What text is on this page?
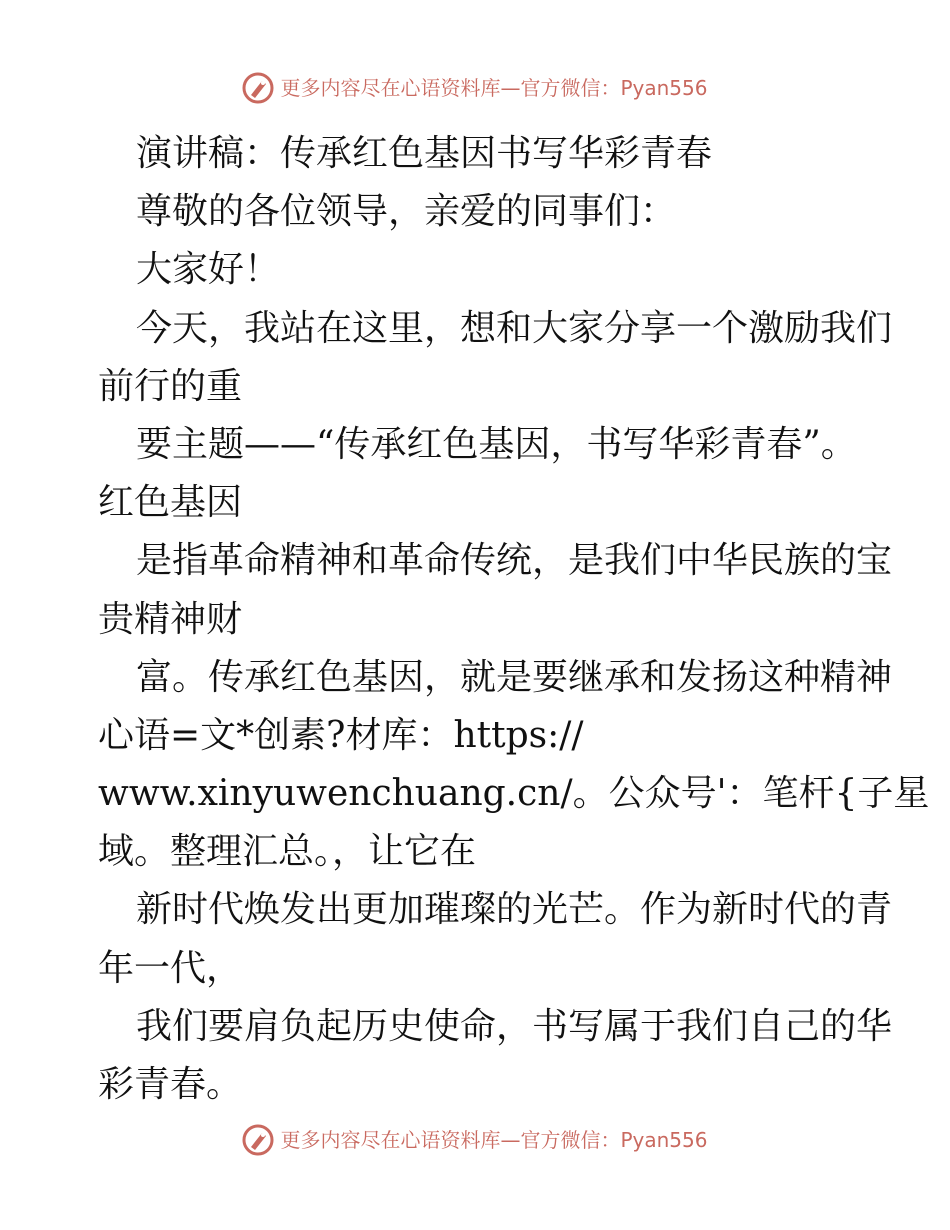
更多内容尽在心语资料库—官方微信：Pyan556
演讲稿：传承红色基因书写华彩青春
尊敬的各位领导，亲爱的同事们：
大家好！
今天，我站在这里，想和大家分享一个激励我们
前行的重
要主题——“传承红色基因，书写华彩青春”。
红色基因
是指革命精神和革命传统，是我们中华民族的宝
贵精神财
富。传承红色基因，就是要继承和发扬这种精神
心语=文*创素?材库：https://
www.xinyuwenchuang.cn/。公众号'：笔杆{子星
域。整理汇总。，让它在
新时代焕发出更加璀璨的光芒。作为新时代的青
年一代，
我们要肩负起历史使命，书写属于我们自己的华
彩青春。
更多内容尽在心语资料库—官方微信：Pyan556
